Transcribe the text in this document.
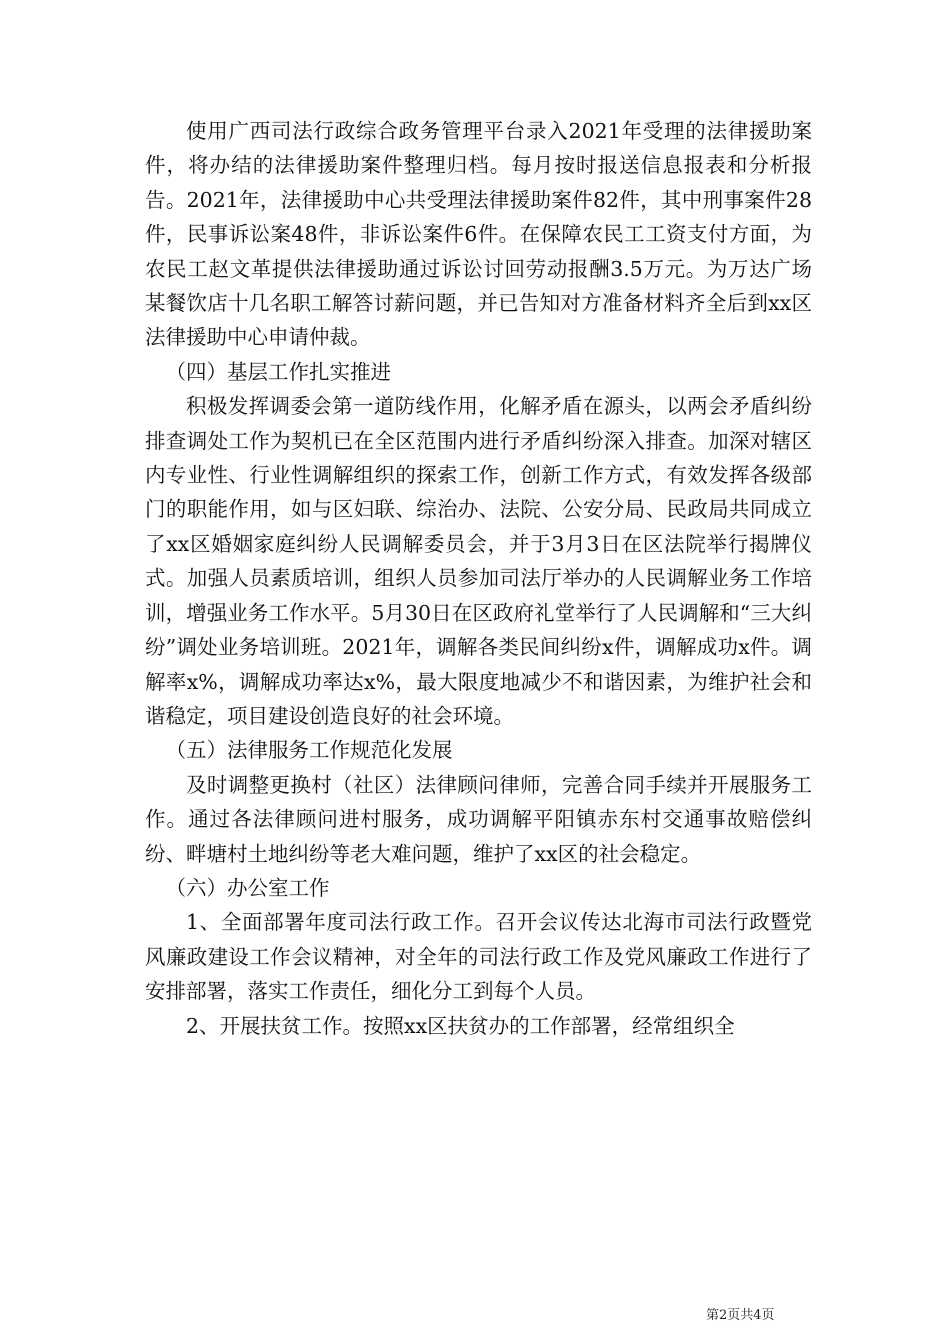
使用广西司法行政综合政务管理平台录入2021年受理的法律援助案件，将办结的法律援助案件整理归档。每月按时报送信息报表和分析报告。2021年，法律援助中心共受理法律援助案件82件，其中刑事案件28件，民事诉讼案48件，非诉讼案件6件。在保障农民工工资支付方面，为农民工赵文革提供法律援助通过诉讼讨回劳动报酬3.5万元。为万达广场某餐饮店十几名职工解答讨薪问题，并已告知对方准备材料齐全后到xx区法律援助中心申请仲裁。

（四）基层工作扎实推进

积极发挥调委会第一道防线作用，化解矛盾在源头，以两会矛盾纠纷排查调处工作为契机已在全区范围内进行矛盾纠纷深入排查。加深对辖区内专业性、行业性调解组织的探索工作，创新工作方式，有效发挥各级部门的职能作用，如与区妇联、综治办、法院、公安分局、民政局共同成立了xx区婚姻家庭纠纷人民调解委员会，并于3月3日在区法院举行揭牌仪式。加强人员素质培训，组织人员参加司法厅举办的人民调解业务工作培训，增强业务工作水平。5月30日在区政府礼堂举行了人民调解和“三大纠纷”调处业务培训班。2021年，调解各类民间纠纷x件，调解成功x件。调解率x%，调解成功率达x%，最大限度地减少不和谐因素，为维护社会和谐稳定，项目建设创造良好的社会环境。

（五）法律服务工作规范化发展

及时调整更换村（社区）法律顾问律师，完善合同手续并开展服务工作。通过各法律顾问进村服务，成功调解平阳镇赤东村交通事故赔偿纠纷、畔塘村土地纠纷等老大难问题，维护了xx区的社会稳定。

（六）办公室工作

1、全面部署年度司法行政工作。召开会议传达北海市司法行政暨党风廉政建设工作会议精神，对全年的司法行政工作及党风廉政工作进行了安排部署，落实工作责任，细化分工到每个人员。

2、开展扶贫工作。按照xx区扶贫办的工作部署，经常组织全

第2页共4页
